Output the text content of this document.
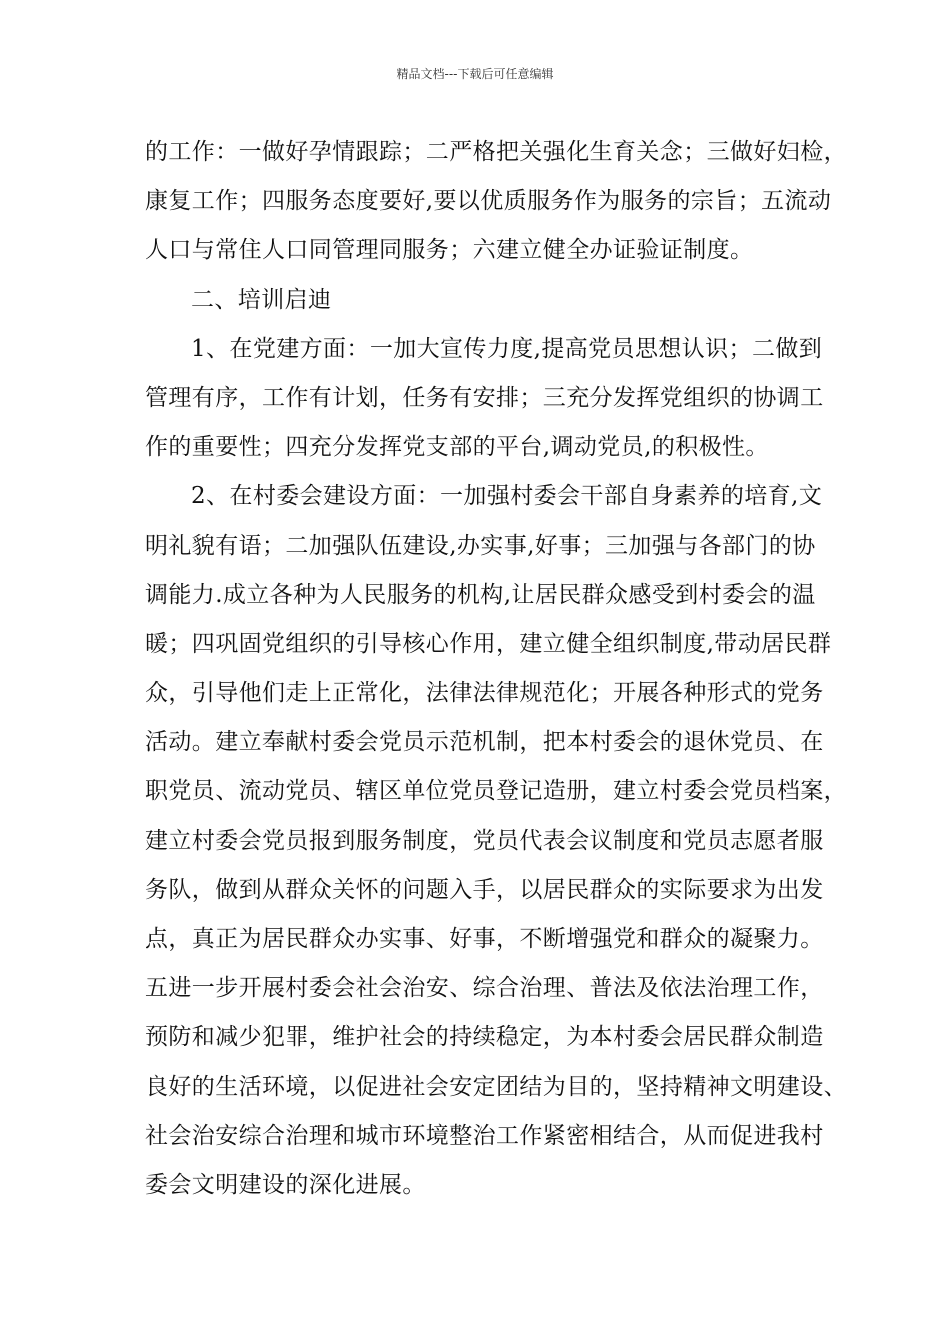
精品文档---下载后可任意编辑
的工作：一做好孕情跟踪；二严格把关强化生育关念；三做好妇检，
康复工作；四服务态度要好,要以优质服务作为服务的宗旨；五流动
人口与常住人口同管理同服务；六建立健全办证验证制度。
二、培训启迪
1、在党建方面：一加大宣传力度,提高党员思想认识；二做到
管理有序，工作有计划，任务有安排；三充分发挥党组织的协调工
作的重要性；四充分发挥党支部的平台,调动党员,的积极性。
2、在村委会建设方面：一加强村委会干部自身素养的培育,文
明礼貌有语；二加强队伍建设,办实事,好事；三加强与各部门的协
调能力.成立各种为人民服务的机构,让居民群众感受到村委会的温
暖；四巩固党组织的引导核心作用，建立健全组织制度,带动居民群
众，引导他们走上正常化，法律法律规范化；开展各种形式的党务
活动。建立奉献村委会党员示范机制，把本村委会的退休党员、在
职党员、流动党员、辖区单位党员登记造册，建立村委会党员档案，
建立村委会党员报到服务制度，党员代表会议制度和党员志愿者服
务队，做到从群众关怀的问题入手，以居民群众的实际要求为出发
点，真正为居民群众办实事、好事，不断增强党和群众的凝聚力。
五进一步开展村委会社会治安、综合治理、普法及依法治理工作，
预防和减少犯罪，维护社会的持续稳定，为本村委会居民群众制造
良好的生活环境，以促进社会安定团结为目的，坚持精神文明建设、
社会治安综合治理和城市环境整治工作紧密相结合，从而促进我村
委会文明建设的深化进展。
